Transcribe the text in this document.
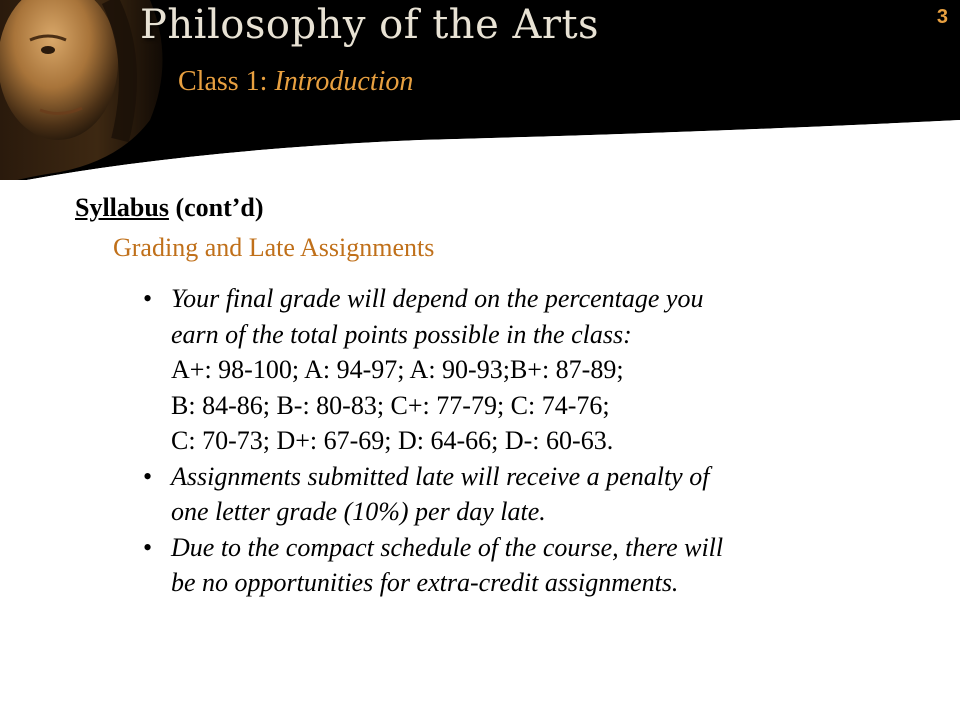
Philosophy of the Arts
Class 1: Introduction
3
Syllabus (cont’d)
Grading and Late Assignments
• Your final grade will depend on the percentage you
earn of the total points possible in the class:
A+: 98-100; A: 94-97; A: 90-93;B+: 87-89;
B: 84-86; B-: 80-83; C+: 77-79; C: 74-76;
C: 70-73; D+: 67-69; D: 64-66; D-: 60-63.
• Assignments submitted late will receive a penalty of
one letter grade (10%) per day late.
• Due to the compact schedule of the course, there will
be no opportunities for extra-credit assignments.
